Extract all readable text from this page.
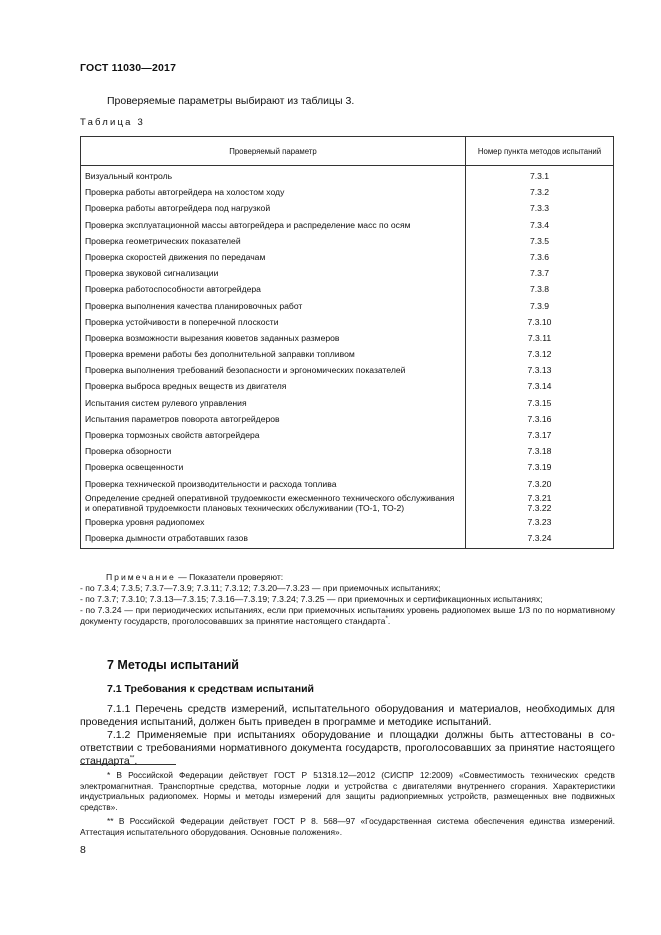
ГОСТ 11030—2017
Проверяемые параметры выбирают из таблицы 3.
Таблица 3
Проверяемый параметр	Номер пункта методов испытаний
Визуальный контроль	7.3.1

Проверка работы автогрейдера на холостом ходу	7.3.2

Проверка работы автогрейдера под нагрузкой	7.3.3

Проверка эксплуатационной массы автогрейдера и распределение масс по осям	7.3.4

Проверка геометрических показателей	7.3.5

Проверка скоростей движения по передачам	7.3.6

Проверка звуковой сигнализации	7.3.7

Проверка работоспособности автогрейдера	7.3.8

Проверка выполнения качества планировочных работ	7.3.9

Проверка устойчивости в поперечной плоскости	7.3.10

Проверка возможности вырезания кюветов заданных размеров	7.3.11

Проверка времени работы без дополнительной заправки топливом	7.3.12

Проверка выполнения требований безопасности и эргономических показателей	7.3.13

Проверка выброса вредных веществ из двигателя	7.3.14

Испытания систем рулевого управления	7.3.15

Испытания параметров поворота автогрейдеров	7.3.16

Проверка тормозных свойств автогрейдера	7.3.17

Проверка обзорности	7.3.18

Проверка освещенности	7.3.19

Проверка технической производительности и расхода топлива	7.3.20

Определение средней оперативной трудоемкости ежесменного технического обслуживания и оперативной трудоемкости плановых технических обслуживании (ТО-1, ТО-2)	7.3.21
7.3.22

Проверка уровня радиопомех	7.3.23

Проверка дымности отработавших газов	7.3.24

Примечание — Показатели проверяют:

- по 7.3.4; 7.3.5; 7.3.7—7.3.9; 7.3.11; 7.3.12; 7.3.20—7.3.23 — при приемочных испытаниях;

- по 7.3.7; 7.3.10; 7.3.13—7.3.15; 7.3.16—7.3.19; 7.3.24; 7.3.25 — при приемочных и сертификационных испытаниях;

- по 7.3.24 — при периодических испытаниях, если при приемочных испытаниях уровень радиопомех выше 1/3 по по нормативному документу государств, проголосовавших за принятие настоящего стандарта*.

7 Методы испытаний
7.1 Требования к средствам испытаний

7.1.1 Перечень средств измерений, испытательного оборудования и материалов, необходимых для проведения испытаний, должен быть приведен в программе и методике испытаний.

7.1.2 Применяемые при испытаниях оборудование и площадки должны быть аттестованы в соответствии с требованиями нормативного документа государств, проголосовавших за принятие настоящего стандарта**.

* В Российской Федерации действует ГОСТ Р 51318.12—2012 (СИСПР 12:2009) «Совместимость технических средств электромагнитная. Транспортные средства, моторные лодки и устройства с двигателями внутреннего сгорания. Характеристики индустриальных радиопомех. Нормы и методы измерений для защиты радиоприемных устройств, размещенных вне подвижных средств».

** В Российской Федерации действует ГОСТ Р 8. 568—97 «Государственная система обеспечения единства измерений. Аттестация испытательного оборудования. Основные положения».

8
